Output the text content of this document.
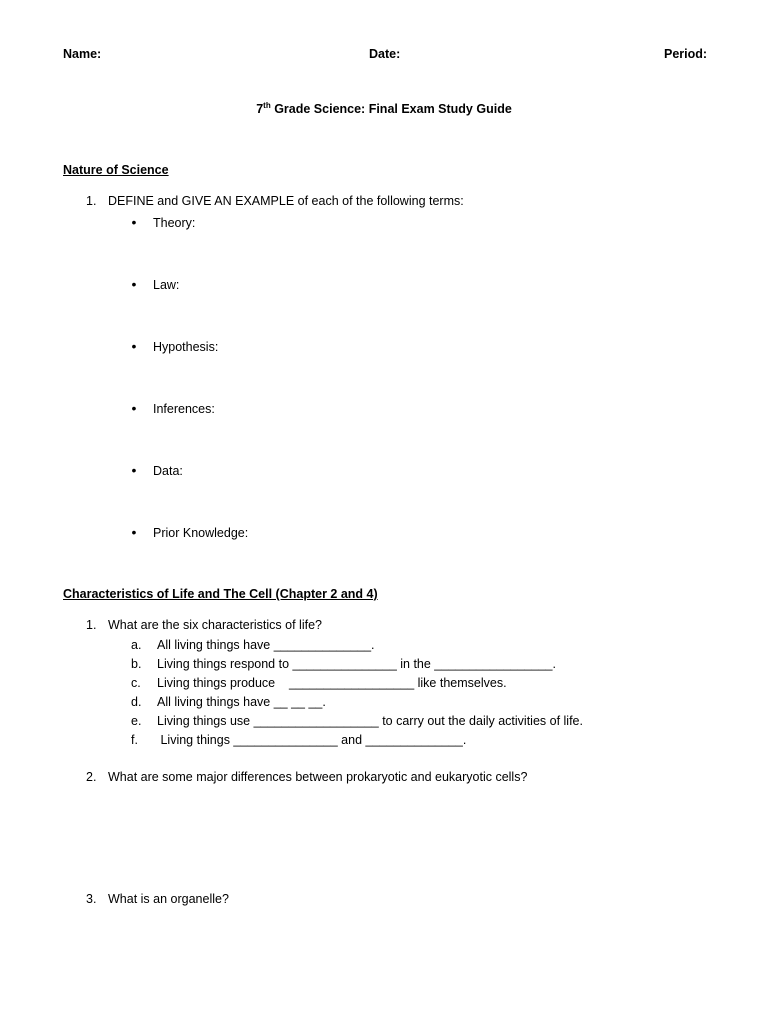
Name:	Date:	Period:
7th Grade Science: Final Exam Study Guide
Nature of Science
1. DEFINE and GIVE AN EXAMPLE of each of the following terms:
• Theory:
• Law:
• Hypothesis:
• Inferences:
• Data:
• Prior Knowledge:
Characteristics of Life and The Cell (Chapter 2 and 4)
1. What are the six characteristics of life?
a. All living things have ______________.
b. Living things respond to _______________ in the _________________.
c. Living things produce    __________________ like themselves.
d. All living things have __ __ __.
e. Living things use __________________ to carry out the daily activities of life.
f. Living things _______________ and ______________.
2. What are some major differences between prokaryotic and eukaryotic cells?
3. What is an organelle?
